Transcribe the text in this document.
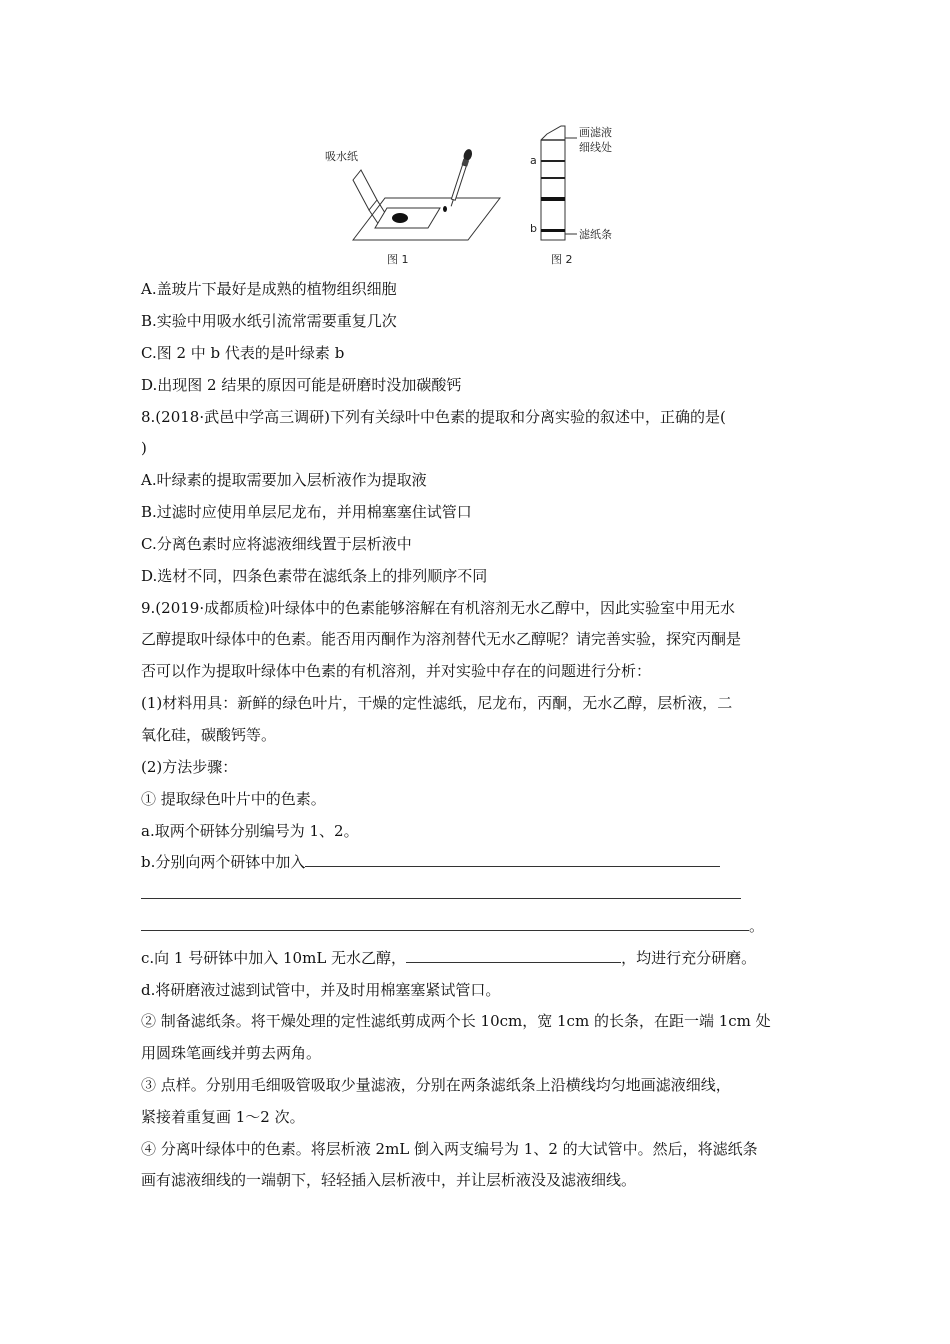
吸水纸
图 1
a
b
画滤液
细线处
滤纸条
图 2
A.盖玻片下最好是成熟的植物组织细胞
B.实验中用吸水纸引流常需要重复几次
C.图 2 中 b 代表的是叶绿素 b
D.出现图 2 结果的原因可能是研磨时没加碳酸钙
8.(2018·武邑中学高三调研)下列有关绿叶中色素的提取和分离实验的叙述中，正确的是(
)
A.叶绿素的提取需要加入层析液作为提取液
B.过滤时应使用单层尼龙布，并用棉塞塞住试管口
C.分离色素时应将滤液细线置于层析液中
D.选材不同，四条色素带在滤纸条上的排列顺序不同
9.(2019·成都质检)叶绿体中的色素能够溶解在有机溶剂无水乙醇中，因此实验室中用无水
乙醇提取叶绿体中的色素。能否用丙酮作为溶剂替代无水乙醇呢？请完善实验，探究丙酮是
否可以作为提取叶绿体中色素的有机溶剂，并对实验中存在的问题进行分析：
(1)材料用具：新鲜的绿色叶片，干燥的定性滤纸，尼龙布，丙酮，无水乙醇，层析液，二
氧化硅，碳酸钙等。
(2)方法步骤：
① 提取绿色叶片中的色素。
a.取两个研钵分别编号为 1、2。
b.分别向两个研钵中加入
。
c.向 1 号研钵中加入 10mL 无水乙醇，	，均进行充分研磨。
d.将研磨液过滤到试管中，并及时用棉塞塞紧试管口。
② 制备滤纸条。将干燥处理的定性滤纸剪成两个长 10cm，宽 1cm 的长条，在距一端 1cm 处
用圆珠笔画线并剪去两角。
③ 点样。分别用毛细吸管吸取少量滤液，分别在两条滤纸条上沿横线均匀地画滤液细线，
紧接着重复画 1～2 次。
④ 分离叶绿体中的色素。将层析液 2mL 倒入两支编号为 1、2 的大试管中。然后，将滤纸条
画有滤液细线的一端朝下，轻轻插入层析液中，并让层析液没及滤液细线。
